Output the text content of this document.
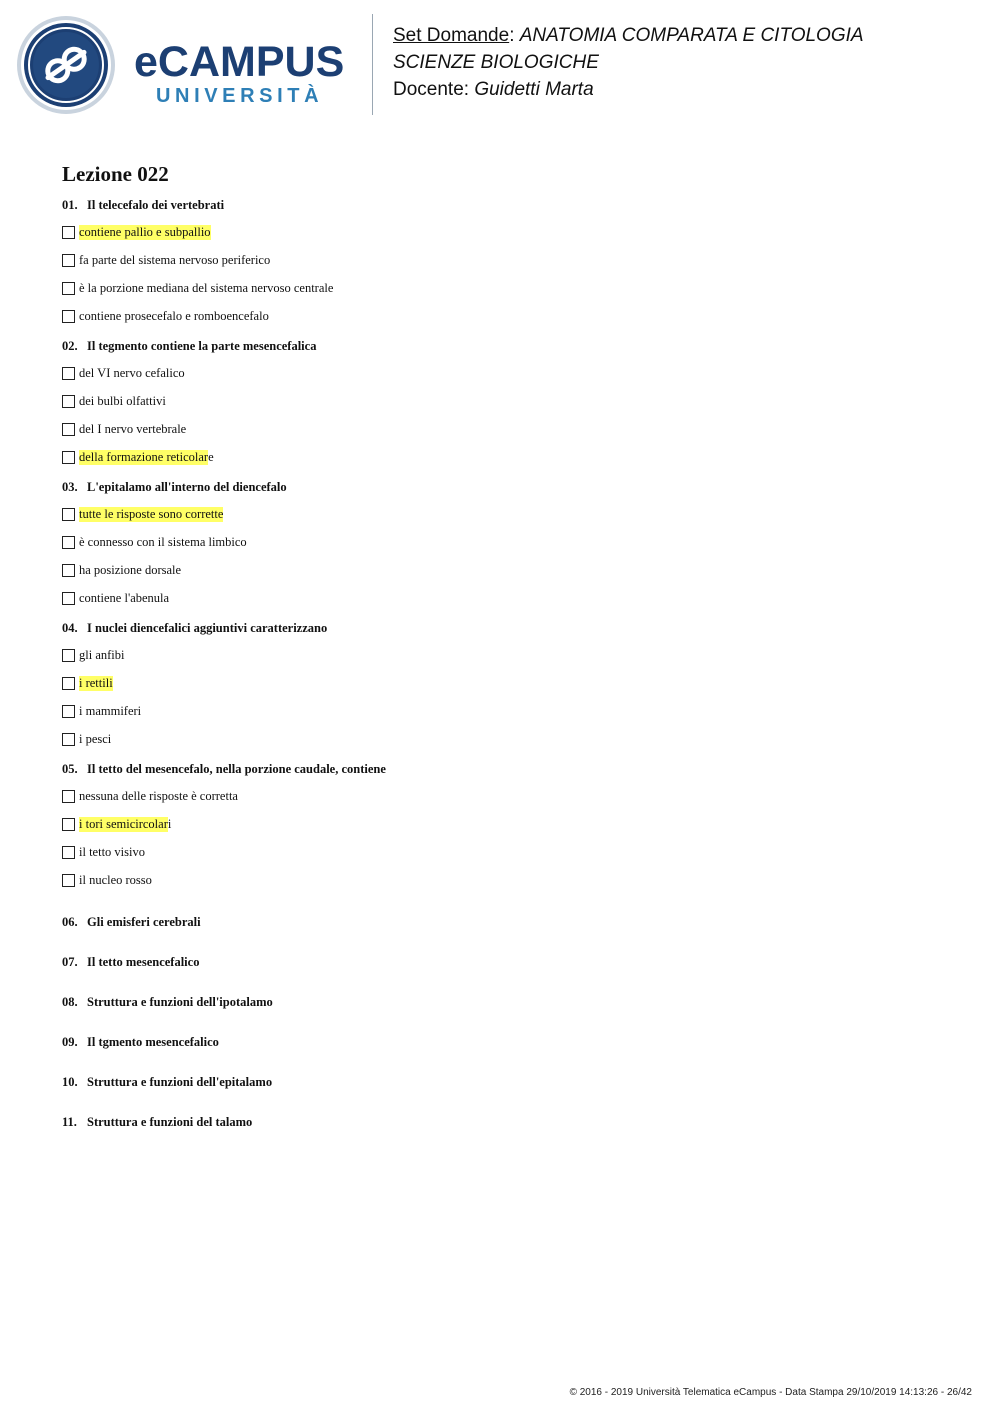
eCAMPUS
UNIVERSITÀ
Set Domande: ANATOMIA COMPARATA E CITOLOGIA
SCIENZE BIOLOGICHE
Docente: Guidetti Marta
Lezione 022
01. Il telecefalo dei vertebrati
contiene pallio e subpallio
fa parte del sistema nervoso periferico
è la porzione mediana del sistema nervoso centrale
contiene prosecefalo e romboencefalo
02. Il tegmento contiene la parte mesencefalica
del VI nervo cefalico
dei bulbi olfattivi
del I nervo vertebrale
della formazione reticolar e
03. L'epitalamo all'interno del diencefalo
tutte le risposte sono corrette
è connesso con il sistema limbico
ha posizione dorsale
contiene l'abenula
04. I nuclei diencefalici aggiuntivi caratterizzano
gli anfibi
i rettili
i mammiferi
i pesci
05. Il tetto del mesencefalo, nella porzione caudale, contiene
nessuna delle risposte è corretta
i tori semicircolar i
il tetto visivo
il nucleo rosso
06. Gli emisferi cerebrali
07. Il tetto mesencefalico
08. Struttura e funzioni dell'ipotalamo
09. Il tgmento mesencefalico
10. Struttura e funzioni dell'epitalamo
11. Struttura e funzioni del talamo
© 2016 - 2019 Università Telematica eCampus - Data Stampa 29/10/2019 14:13:26 - 26/42
